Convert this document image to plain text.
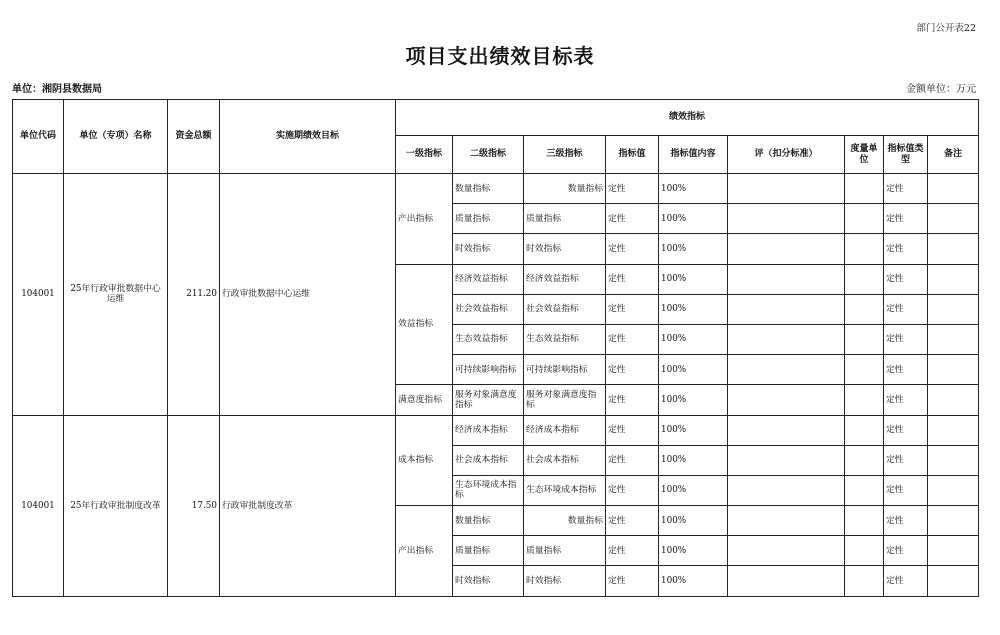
部门公开表22
项目支出绩效目标表
单位：湘阴县数据局	金额单位：万元
单位代码	单位（专项）名称	资金总额	实施期绩效目标	绩效指标								
				一级指标	二级指标	三级指标	指标值	指标值内容	评（扣分标准）	度量单位	指标值类型	备注
104001	25年行政审批数据中心运维	211.20	行政审批数据中心运维	产出指标	数量指标	数量指标	定性	100%			定性	
					质量指标	质量指标	定性	100%			定性	
					时效指标	时效指标	定性	100%			定性	
				效益指标	经济效益指标	经济效益指标	定性	100%			定性	
					社会效益指标	社会效益指标	定性	100%			定性	
					生态效益指标	生态效益指标	定性	100%			定性	
					可持续影响指标	可持续影响指标	定性	100%			定性	
				满意度指标	服务对象满意度指标	服务对象满意度指标	定性	100%			定性	
104001	25年行政审批制度改革	17.50	行政审批制度改革	成本指标	经济成本指标	经济成本指标	定性	100%			定性	
					社会成本指标	社会成本指标	定性	100%			定性	
					生态环境成本指标	生态环境成本指标	定性	100%			定性	
				产出指标	数量指标	数量指标	定性	100%			定性	
					质量指标	质量指标	定性	100%			定性	
					时效指标	时效指标	定性	100%			定性	
